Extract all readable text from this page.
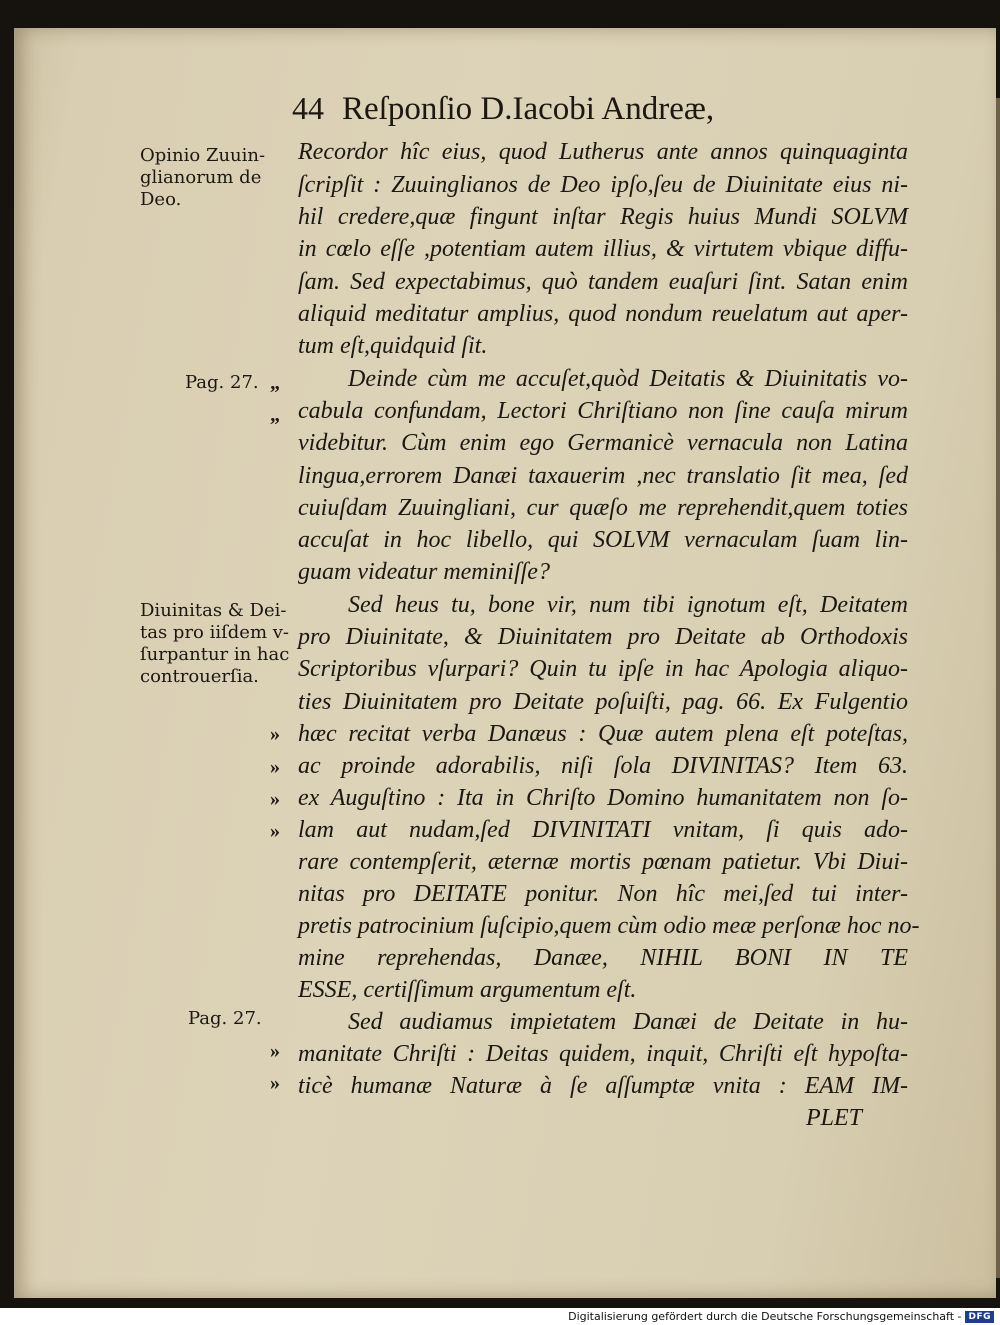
44 Reſponſio D.Iacobi Andreæ,
Opinio Zuuin-
glianorum de
Deo.
Pag. 27.
Diuinitas & Dei-
tas pro iiſdem v-
ſurpantur in hac
controuerſia.
Pag. 27.
„
„
»
»
»
»
»
»
Recordor hîc eius, quod Lutherus ante annos quinquaginta
ſcripſit : Zuuinglianos de Deo ipſo,ſeu de Diuinitate eius ni-
hil credere,quæ fingunt inſtar Regis huius Mundi SOLVM
in cœlo eſſe ,potentiam autem illius, & virtutem vbique diffu-
ſam. Sed expectabimus, quò tandem euaſuri ſint. Satan enim
aliquid meditatur amplius, quod nondum reuelatum aut aper-
tum eſt,quidquid ſit.
Deinde cùm me accuſet,quòd Deitatis & Diuinitatis vo-
cabula confundam, Lectori Chriſtiano non ſine cauſa mirum
videbitur. Cùm enim ego Germanicè vernacula non Latina
lingua,errorem Danæi taxauerim ,nec translatio ſit mea, ſed
cuiuſdam Zuuingliani, cur quæſo me reprehendit,quem toties
accuſat in hoc libello, qui SOLVM vernaculam ſuam lin-
guam videatur meminiſſe?
Sed heus tu, bone vir, num tibi ignotum eſt, Deitatem
pro Diuinitate, & Diuinitatem pro Deitate ab Orthodoxis
Scriptoribus vſurpari? Quin tu ipſe in hac Apologia aliquo-
ties Diuinitatem pro Deitate poſuiſti, pag. 66. Ex Fulgentio
hæc recitat verba Danæus : Quæ autem plena eſt poteſtas,
ac proinde adorabilis, niſi ſola DIVINITAS? Item 63.
ex Auguſtino : Ita in Chriſto Domino humanitatem non ſo-
lam aut nudam,ſed DIVINITATI vnitam, ſi quis ado-
rare contempſerit, æternæ mortis pœnam patietur. Vbi Diui-
nitas pro DEITATE ponitur. Non hîc mei,ſed tui inter-
pretis patrocinium ſuſcipio,quem cùm odio meæ perſonæ hoc no-
mine reprehendas, Danæe, NIHIL BONI IN TE
ESSE, certiſſimum argumentum eſt.
Sed audiamus impietatem Danæi de Deitate in hu-
manitate Chriſti : Deitas quidem, inquit, Chriſti eſt hypoſta-
ticè humanæ Naturæ à ſe aſſumptæ vnita : EAM IM-
PLET
Digitalisierung gefördert durch die Deutsche Forschungsgemeinschaft - DFG
